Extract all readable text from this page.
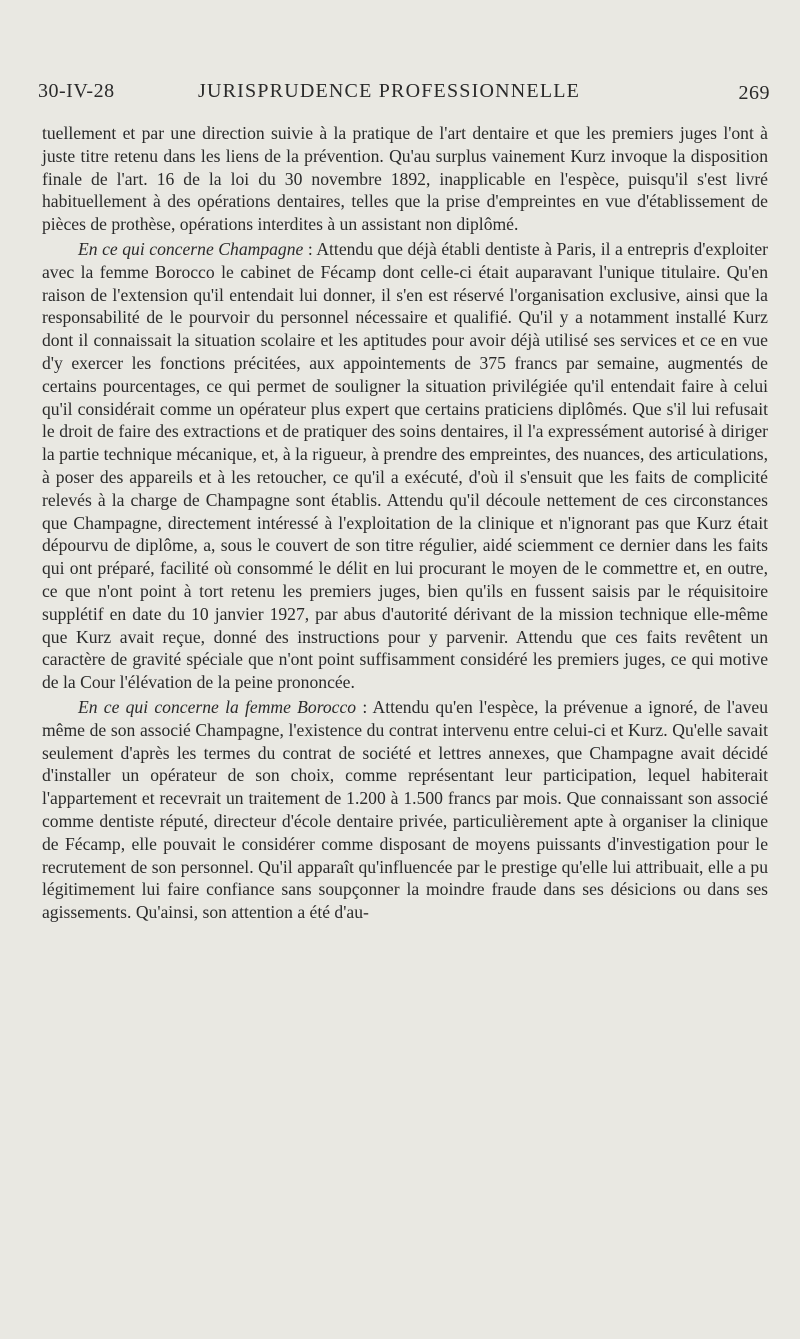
30-IV-28	JURISPRUDENCE PROFESSIONNELLE	269

tuellement et par une direction suivie à la pratique de l'art dentaire et que les premiers juges l'ont à juste titre retenu dans les liens de la prévention. Qu'au surplus vainement Kurz invoque la disposition finale de l'art. 16 de la loi du 30 novembre 1892, inapplicable en l'espèce, puisqu'il s'est livré habituellement à des opérations dentaires, telles que la prise d'empreintes en vue d'établissement de pièces de prothèse, opérations interdites à un assistant non diplômé.

En ce qui concerne Champagne : Attendu que déjà établi dentiste à Paris, il a entrepris d'exploiter avec la femme Borocco le cabinet de Fécamp dont celle-ci était auparavant l'unique titulaire. Qu'en raison de l'extension qu'il entendait lui donner, il s'en est réservé l'organisation exclusive, ainsi que la responsabilité de le pourvoir du personnel nécessaire et qualifié. Qu'il y a notamment installé Kurz dont il connaissait la situation scolaire et les aptitudes pour avoir déjà utilisé ses services et ce en vue d'y exercer les fonctions précitées, aux appointements de 375 francs par semaine, augmentés de certains pourcentages, ce qui permet de souligner la situation privilégiée qu'il entendait faire à celui qu'il considérait comme un opérateur plus expert que certains praticiens diplômés. Que s'il lui refusait le droit de faire des extractions et de pratiquer des soins dentaires, il l'a expressément autorisé à diriger la partie technique mécanique, et, à la rigueur, à prendre des empreintes, des nuances, des articulations, à poser des appareils et à les retoucher, ce qu'il a exécuté, d'où il s'ensuit que les faits de complicité relevés à la charge de Champagne sont établis. Attendu qu'il découle nettement de ces circonstances que Champagne, directement intéressé à l'exploitation de la clinique et n'ignorant pas que Kurz était dépourvu de diplôme, a, sous le couvert de son titre régulier, aidé sciemment ce dernier dans les faits qui ont préparé, facilité où consommé le délit en lui procurant le moyen de le commettre et, en outre, ce que n'ont point à tort retenu les premiers juges, bien qu'ils en fussent saisis par le réquisitoire supplétif en date du 10 janvier 1927, par abus d'autorité dérivant de la mission technique elle-même que Kurz avait reçue, donné des instructions pour y parvenir. Attendu que ces faits revêtent un caractère de gravité spéciale que n'ont point suffisamment considéré les premiers juges, ce qui motive de la Cour l'élévation de la peine prononcée.

En ce qui concerne la femme Borocco : Attendu qu'en l'espèce, la prévenue a ignoré, de l'aveu même de son associé Champagne, l'existence du contrat intervenu entre celui-ci et Kurz. Qu'elle savait seulement d'après les termes du contrat de société et lettres annexes, que Champagne avait décidé d'installer un opérateur de son choix, comme représentant leur participation, lequel habiterait l'appartement et recevrait un traitement de 1.200 à 1.500 francs par mois. Que connaissant son associé comme dentiste réputé, directeur d'école dentaire privée, particulièrement apte à organiser la clinique de Fécamp, elle pouvait le considérer comme disposant de moyens puissants d'investigation pour le recrutement de son personnel. Qu'il apparaît qu'influencée par le prestige qu'elle lui attribuait, elle a pu légitimement lui faire confiance sans soupçonner la moindre fraude dans ses désicions ou dans ses agissements. Qu'ainsi, son attention a été d'au-
